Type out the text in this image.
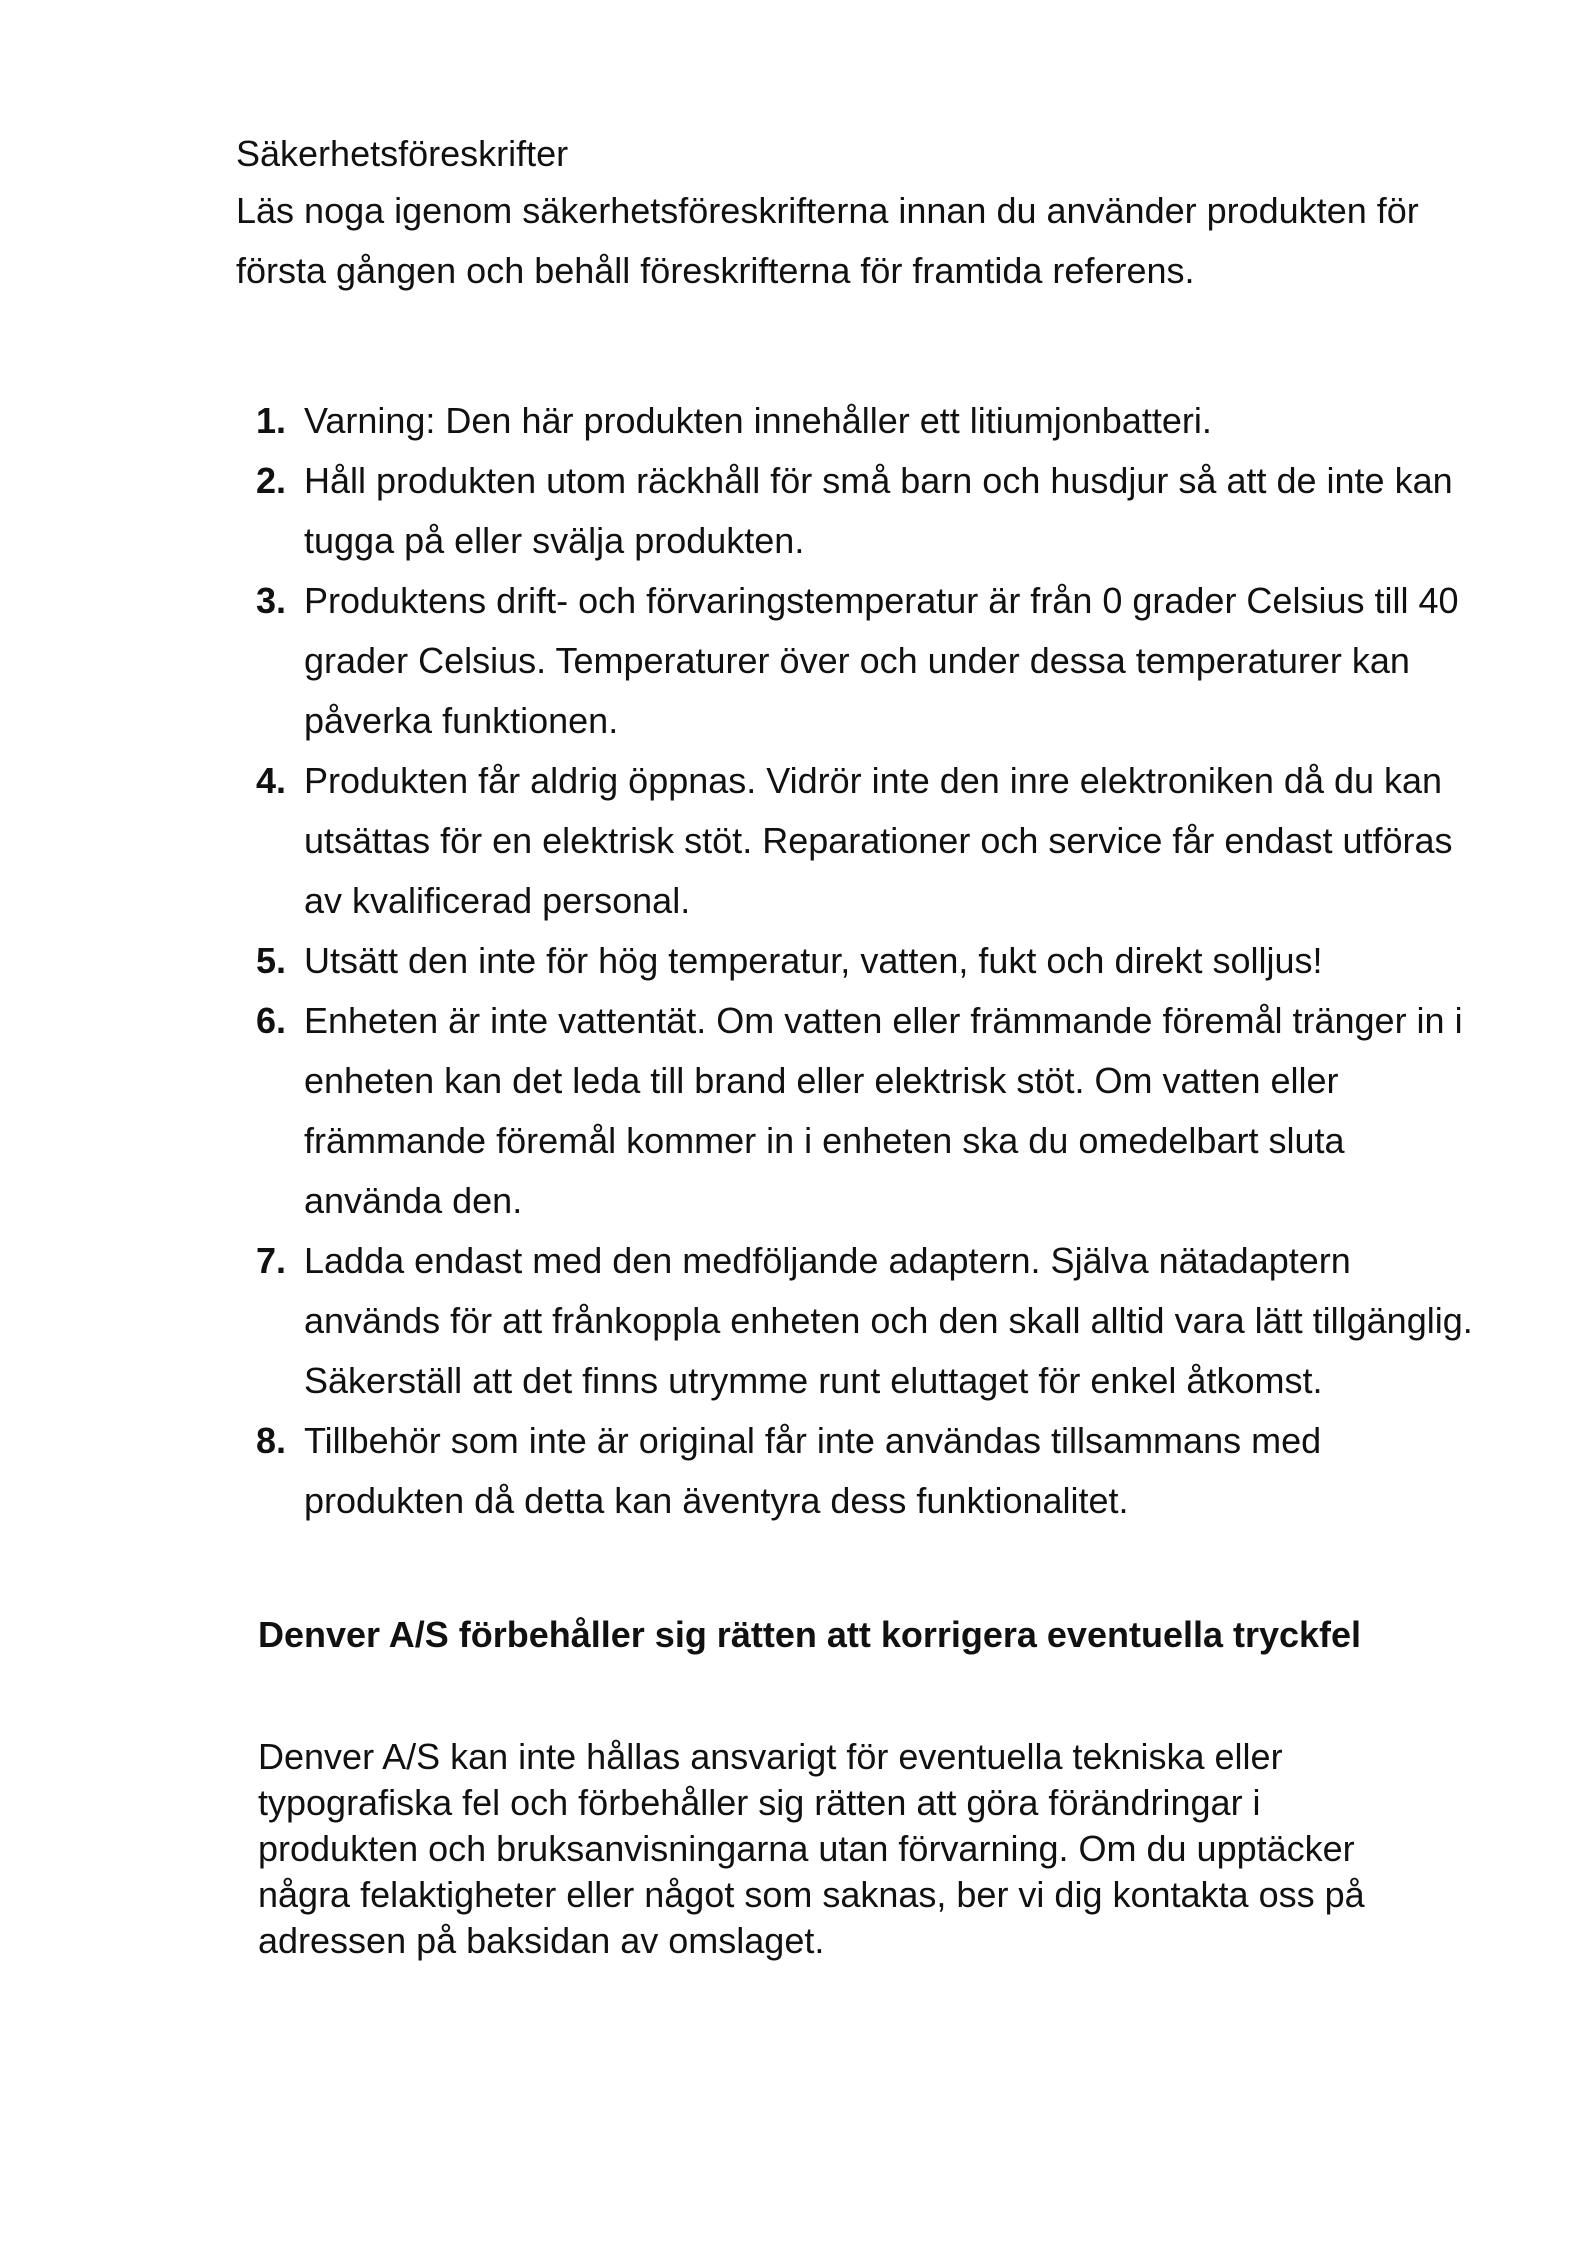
Säkerhetsföreskrifter

Läs noga igenom säkerhetsföreskrifterna innan du använder produkten för första gången och behåll föreskrifterna för framtida referens.

1. Varning: Den här produkten innehåller ett litiumjonbatteri.
2. Håll produkten utom räckhåll för små barn och husdjur så att de inte kan tugga på eller svälja produkten.
3. Produktens drift- och förvaringstemperatur är från 0 grader Celsius till 40 grader Celsius. Temperaturer över och under dessa temperaturer kan påverka funktionen.
4. Produkten får aldrig öppnas. Vidrör inte den inre elektroniken då du kan utsättas för en elektrisk stöt. Reparationer och service får endast utföras av kvalificerad personal.
5. Utsätt den inte för hög temperatur, vatten, fukt och direkt solljus!
6. Enheten är inte vattentät. Om vatten eller främmande föremål tränger in i enheten kan det leda till brand eller elektrisk stöt. Om vatten eller främmande föremål kommer in i enheten ska du omedelbart sluta använda den.
7. Ladda endast med den medföljande adaptern. Själva nätadaptern används för att frånkoppla enheten och den skall alltid vara lätt tillgänglig. Säkerställ att det finns utrymme runt eluttaget för enkel åtkomst.
8. Tillbehör som inte är original får inte användas tillsammans med produkten då detta kan äventyra dess funktionalitet.
Denver A/S förbehåller sig rätten att korrigera eventuella tryckfel

Denver A/S kan inte hållas ansvarigt för eventuella tekniska eller typografiska fel och förbehåller sig rätten att göra förändringar i produkten och bruksanvisningarna utan förvarning. Om du upptäcker några felaktigheter eller något som saknas, ber vi dig kontakta oss på adressen på baksidan av omslaget.
